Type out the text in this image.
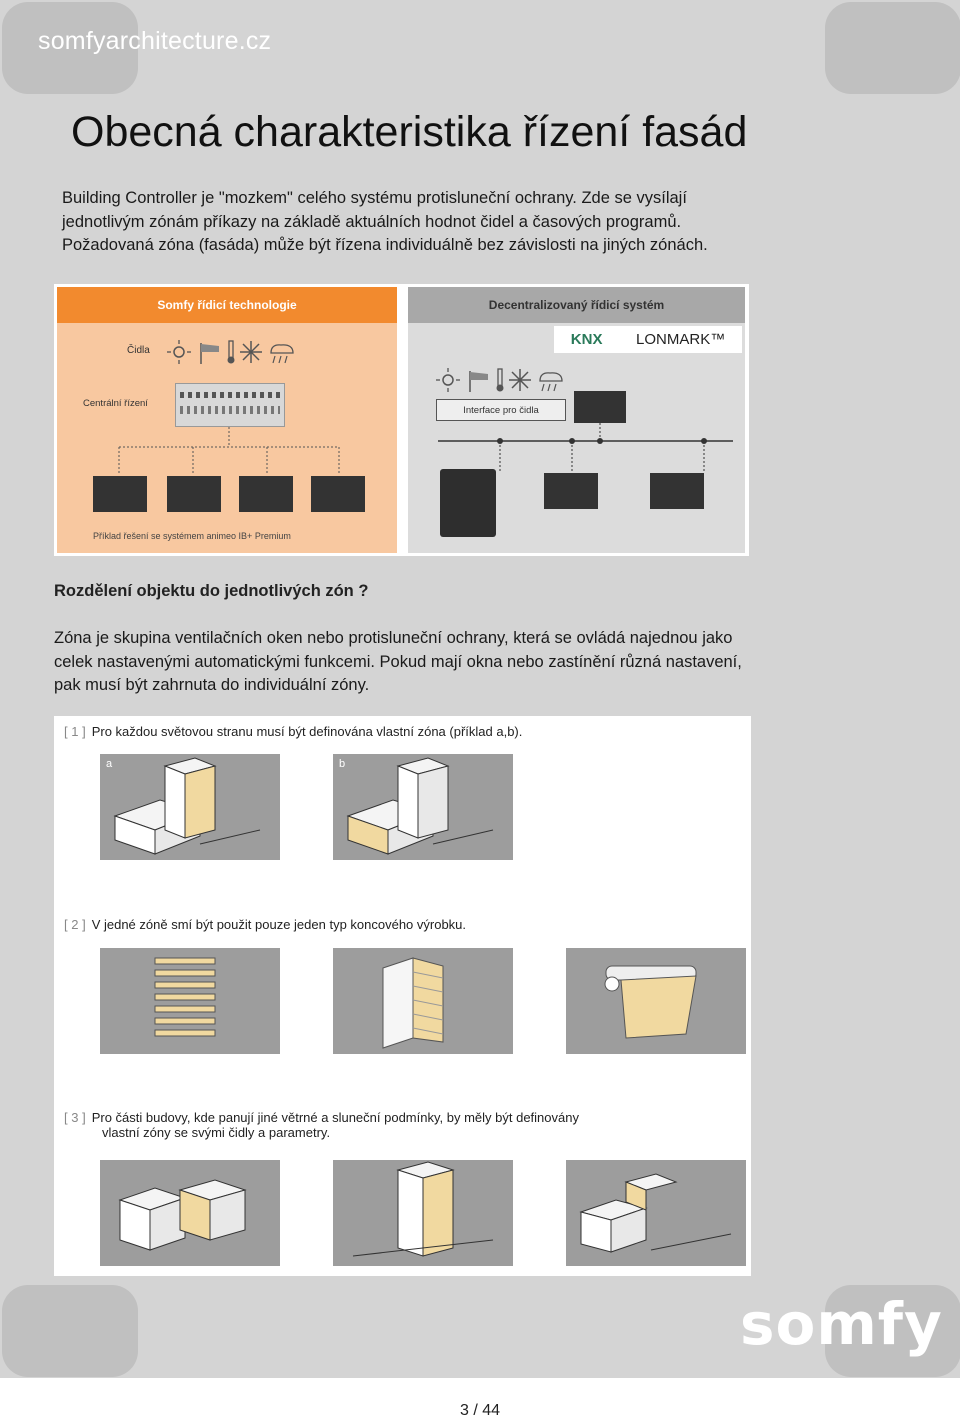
somfyarchitecture.cz
Obecná charakteristika řízení fasád

Building Controller je "mozkem" celého systému protisluneční ochrany. Zde se vysílají

jednotlivým zónám příkazy na základě aktuálních hodnot čidel a časových programů.

Požadovaná zóna (fasáda) může být řízena individuálně bez závislosti na jiných zónách.

Somfy řídicí technologie
Čidla
Centrální řízení
Příklad řešení se systémem animeo IB+ Premium
Decentralizovaný řídicí systém
KNX LONMARK™
Interface pro čidla
Rozdělení objektu do jednotlivých zón ?

Zóna je skupina ventilačních oken nebo protisluneční ochrany, která se ovládá najednou jako

celek nastavenými automatickými funkcemi. Pokud mají okna nebo zastínění různá nastavení,

pak musí být zahrnuta do individuální zóny.

[ 1 ] Pro každou světovou stranu musí být definována vlastní zóna (příklad a,b).
a	b
[ 2 ] V jedné zóně smí být použit pouze jeden typ koncového výrobku.
[ 3 ] Pro části budovy, kde panují jiné větrné a sluneční podmínky, by měly být definovány
vlastní zóny se svými čidly a parametry.
somfy
3 / 44
